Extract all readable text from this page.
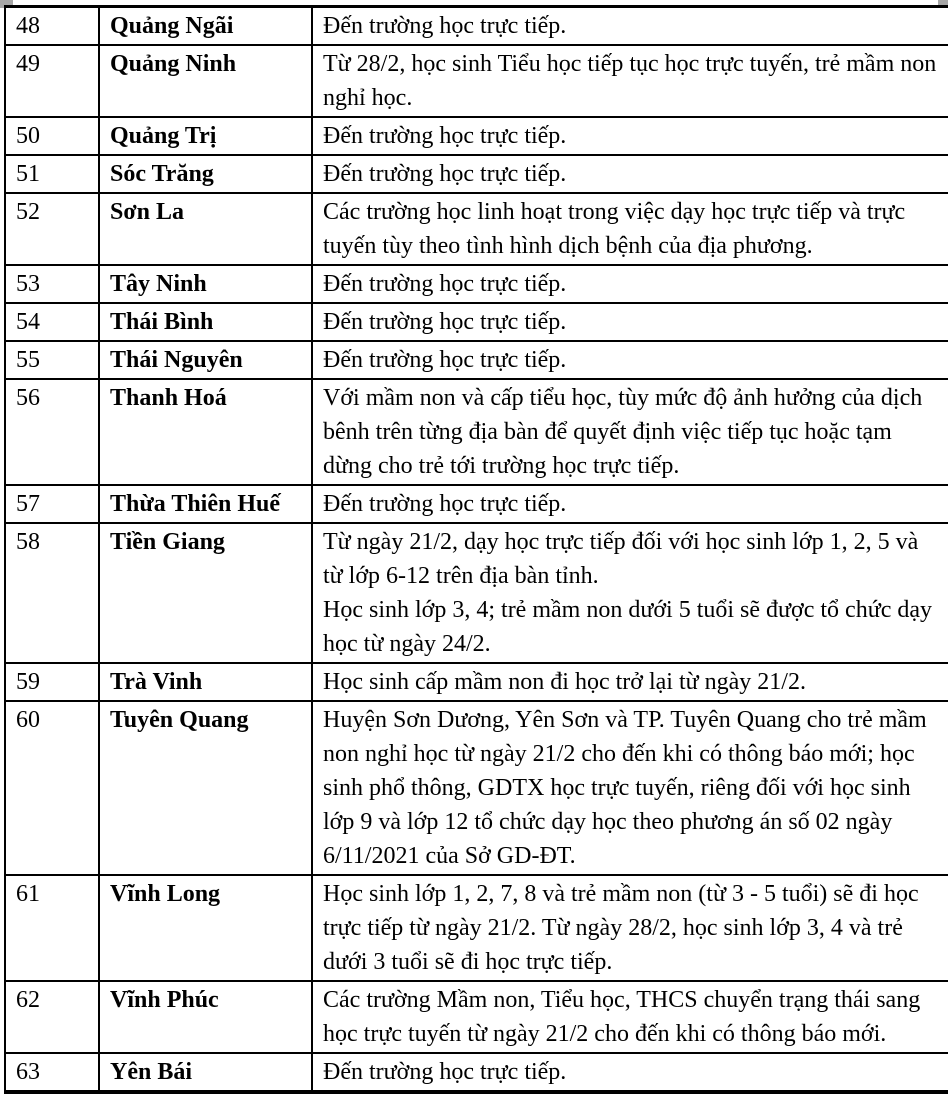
48	Quảng Ngãi	Đến trường học trực tiếp.

49	Quảng Ninh	Từ 28/2, học sinh Tiểu học tiếp tục học trực tuyến, trẻ mầm non nghỉ học.

50	Quảng Trị	Đến trường học trực tiếp.

51	Sóc Trăng	Đến trường học trực tiếp.

52	Sơn La	Các trường học linh hoạt trong việc dạy học trực tiếp và trực tuyến tùy theo tình hình dịch bệnh của địa phương.

53	Tây Ninh	Đến trường học trực tiếp.

54	Thái Bình	Đến trường học trực tiếp.

55	Thái Nguyên	Đến trường học trực tiếp.

56	Thanh Hoá	Với mầm non và cấp tiểu học, tùy mức độ ảnh hưởng của dịch bênh trên từng địa bàn để quyết định việc tiếp tục hoặc tạm dừng cho trẻ tới trường học trực tiếp.

57	Thừa Thiên Huế	Đến trường học trực tiếp.

58	Tiền Giang	Từ ngày 21/2, dạy học trực tiếp đối với học sinh lớp 1, 2, 5 và từ lớp 6-12 trên địa bàn tỉnh.

Học sinh lớp 3, 4; trẻ mầm non dưới 5 tuổi sẽ được tổ chức dạy học từ ngày 24/2.

59	Trà Vinh	Học sinh cấp mầm non đi học trở lại từ ngày 21/2.

60	Tuyên Quang	Huyện Sơn Dương, Yên Sơn và TP. Tuyên Quang cho trẻ mầm non nghỉ học từ ngày 21/2 cho đến khi có thông báo mới; học sinh phổ thông, GDTX học trực tuyến, riêng đối với học sinh lớp 9 và lớp 12 tổ chức dạy học theo phương án số 02 ngày 6/11/2021 của Sở GD-ĐT.

61	Vĩnh Long	Học sinh lớp 1, 2, 7, 8 và trẻ mầm non (từ 3 - 5 tuổi) sẽ đi học trực tiếp từ ngày 21/2. Từ ngày 28/2, học sinh lớp 3, 4 và trẻ dưới 3 tuổi sẽ đi học trực tiếp.

62	Vĩnh Phúc	Các trường Mầm non, Tiểu học, THCS chuyển trạng thái sang học trực tuyến từ ngày 21/2 cho đến khi có thông báo mới.

63	Yên Bái	Đến trường học trực tiếp.
